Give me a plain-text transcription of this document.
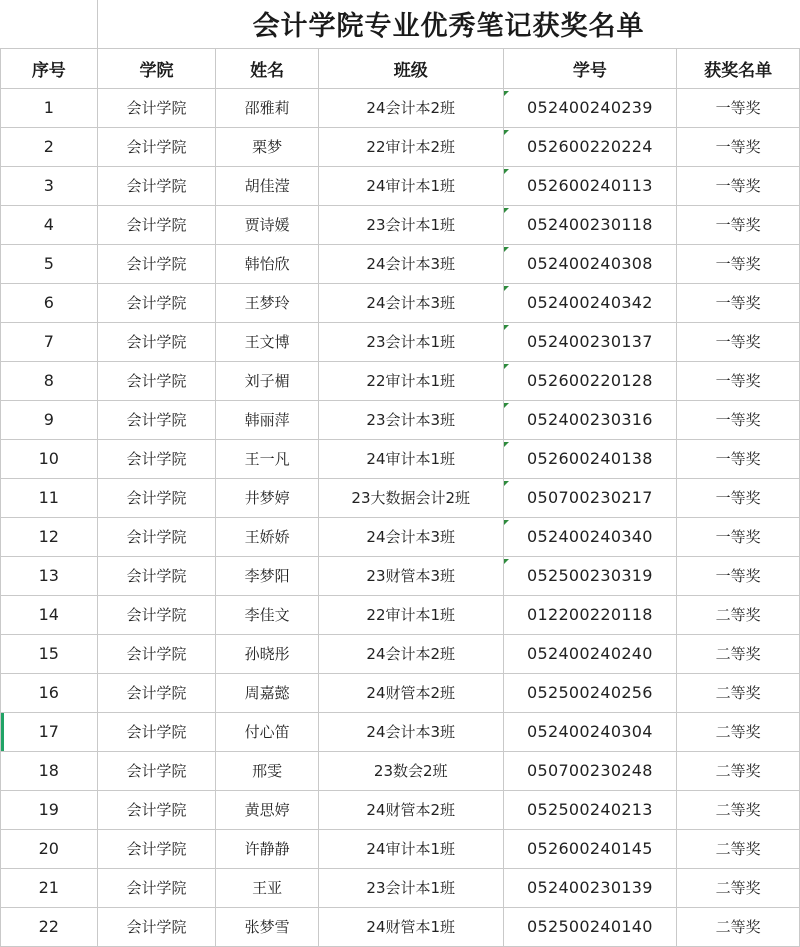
	会计学院专业优秀笔记获奖名单				
序号	学院	姓名	班级	学号	获奖名单
1	会计学院	邵雅莉	24会计本2班	052400240239	一等奖
2	会计学院	栗梦	22审计本2班	052600220224	一等奖
3	会计学院	胡佳滢	24审计本1班	052600240113	一等奖
4	会计学院	贾诗媛	23会计本1班	052400230118	一等奖
5	会计学院	韩怡欣	24会计本3班	052400240308	一等奖
6	会计学院	王梦玲	24会计本3班	052400240342	一等奖
7	会计学院	王文博	23会计本1班	052400230137	一等奖
8	会计学院	刘子楣	22审计本1班	052600220128	一等奖
9	会计学院	韩丽萍	23会计本3班	052400230316	一等奖
10	会计学院	王一凡	24审计本1班	052600240138	一等奖
11	会计学院	井梦婷	23大数据会计2班	050700230217	一等奖
12	会计学院	王娇娇	24会计本3班	052400240340	一等奖
13	会计学院	李梦阳	23财管本3班	052500230319	一等奖
14	会计学院	李佳文	22审计本1班	012200220118	二等奖
15	会计学院	孙晓彤	24会计本2班	052400240240	二等奖
16	会计学院	周嘉懿	24财管本2班	052500240256	二等奖

17	会计学院	付心笛	24会计本3班	052400240304	二等奖
18	会计学院	邢雯	23数会2班	050700230248	二等奖
19	会计学院	黄思婷	24财管本2班	052500240213	二等奖
20	会计学院	许静静	24审计本1班	052600240145	二等奖
21	会计学院	王亚	23会计本1班	052400230139	二等奖
22	会计学院	张梦雪	24财管本1班	052500240140	二等奖
